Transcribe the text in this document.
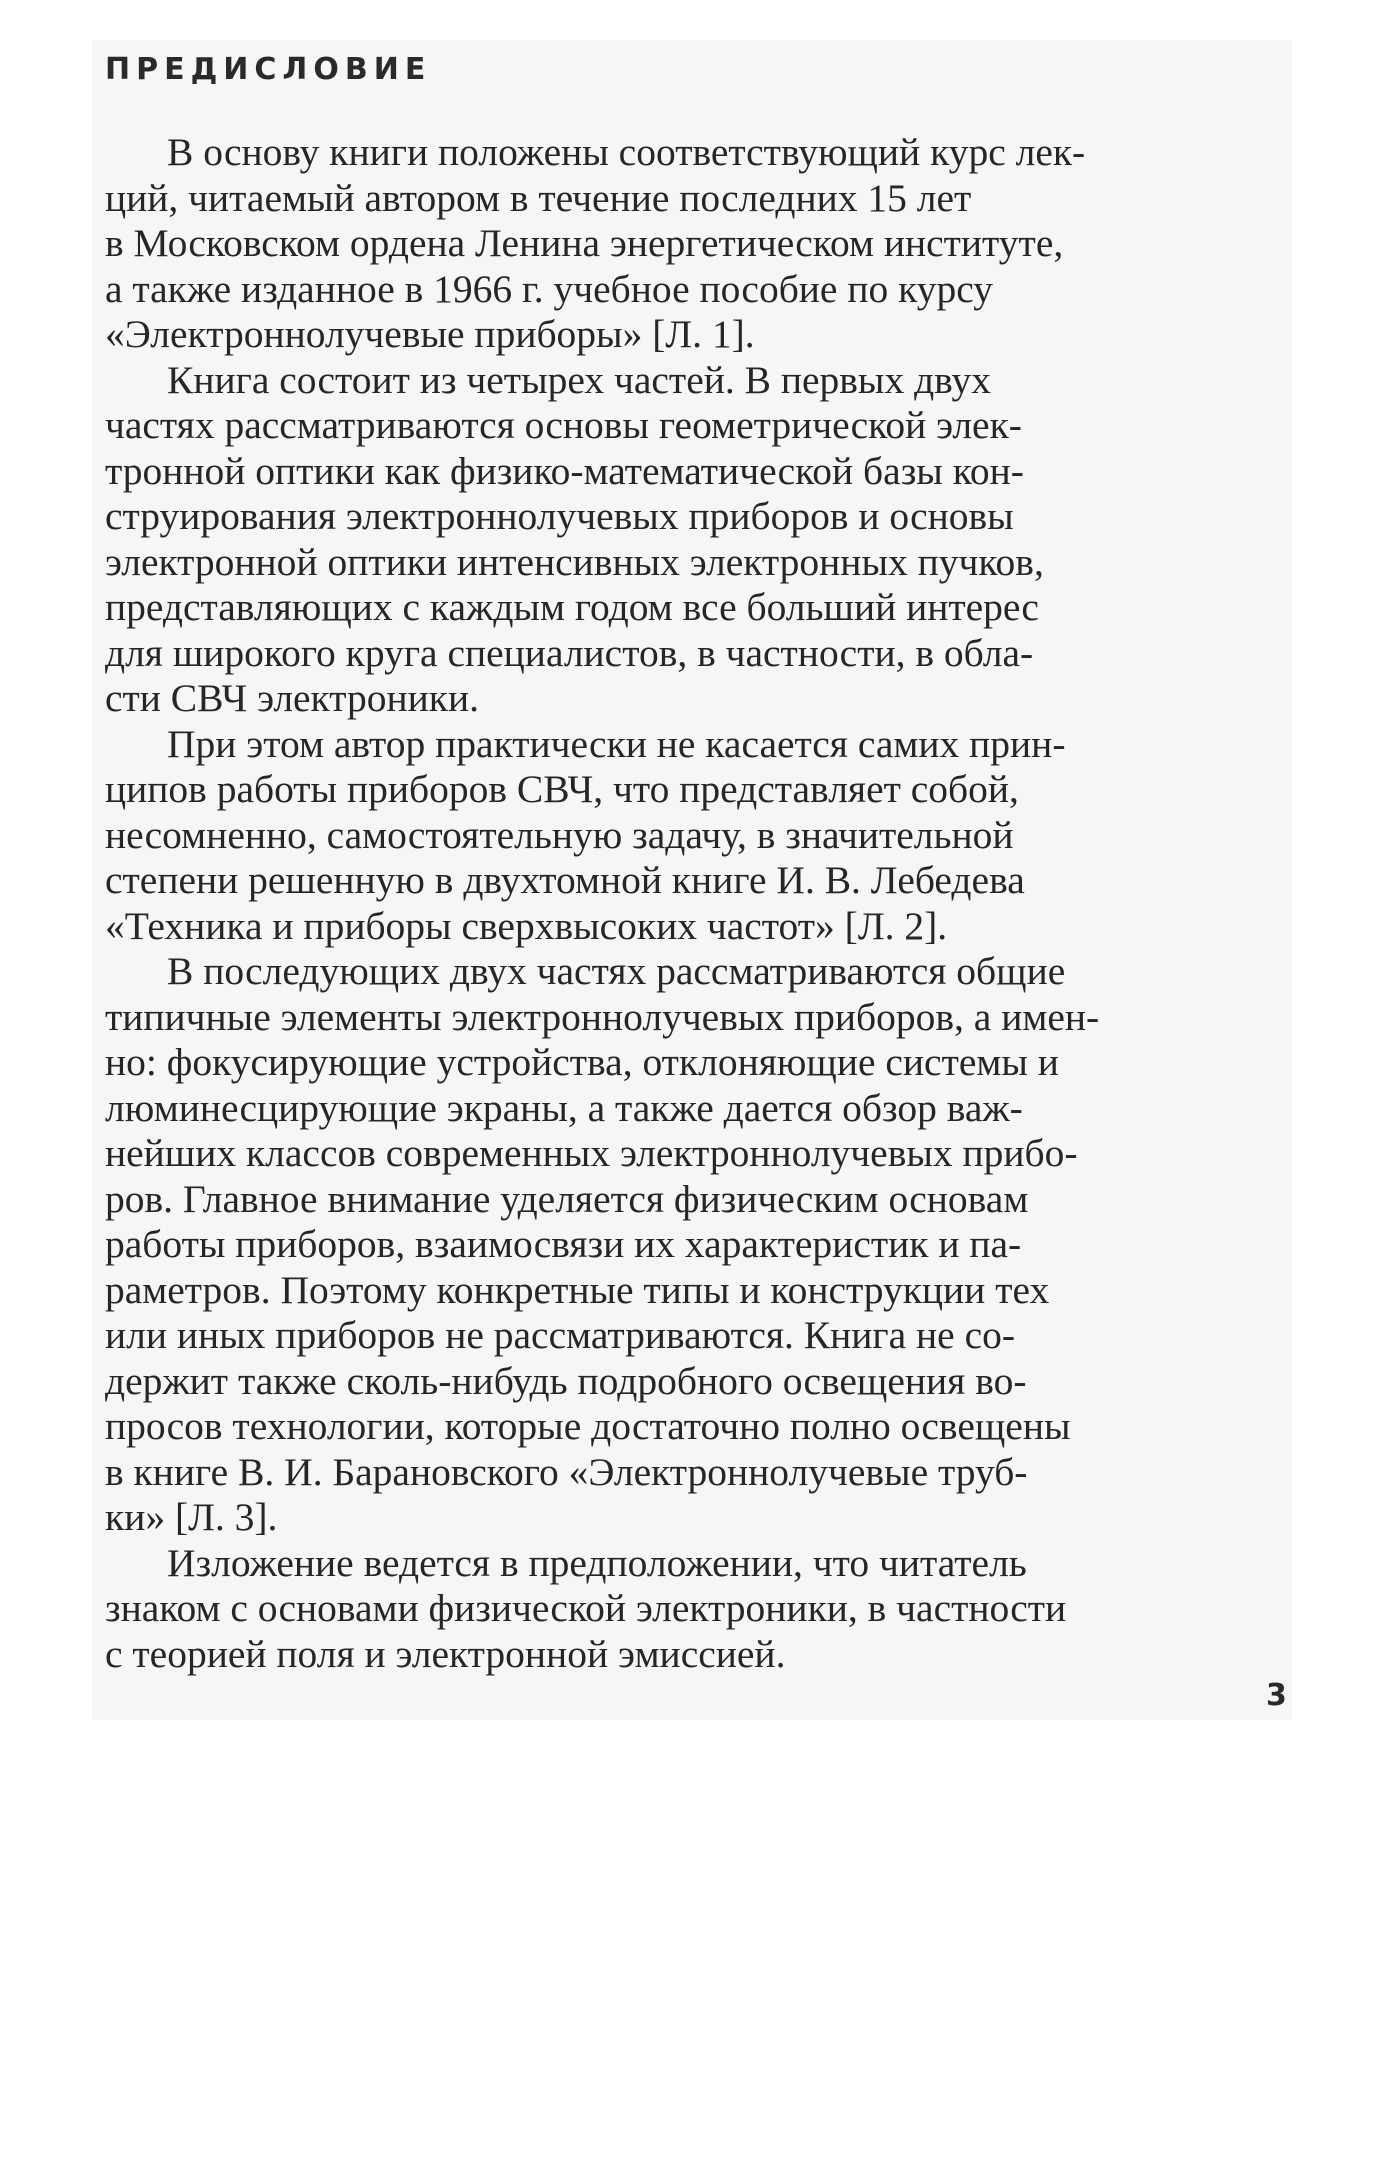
ПРЕДИСЛОВИЕ
В основу книги положены соответствующий курс лек-
ций, читаемый автором в течение последних 15 лет
в Московском ордена Ленина энергетическом институте,
а также изданное в 1966 г. учебное пособие по курсу
«Электроннолучевые приборы» [Л. 1].
Книга состоит из четырех частей. В первых двух
частях рассматриваются основы геометрической элек-
тронной оптики как физико-математической базы кон-
струирования электроннолучевых приборов и основы
электронной оптики интенсивных электронных пучков,
представляющих с каждым годом все больший интерес
для широкого круга специалистов, в частности, в обла-
сти СВЧ электроники.
При этом автор практически не касается самих прин-
ципов работы приборов СВЧ, что представляет собой,
несомненно, самостоятельную задачу, в значительной
степени решенную в двухтомной книге И. В. Лебедева
«Техника и приборы сверхвысоких частот» [Л. 2].
В последующих двух частях рассматриваются общие
типичные элементы электроннолучевых приборов, а имен-
но: фокусирующие устройства, отклоняющие системы и
люминесцирующие экраны, а также дается обзор важ-
нейших классов современных электроннолучевых прибо-
ров. Главное внимание уделяется физическим основам
работы приборов, взаимосвязи их характеристик и па-
раметров. Поэтому конкретные типы и конструкции тех
или иных приборов не рассматриваются. Книга не со-
держит также сколь-нибудь подробного освещения во-
просов технологии, которые достаточно полно освещены
в книге В. И. Барановского «Электроннолучевые труб-
ки» [Л. 3].
Изложение ведется в предположении, что читатель
знаком с основами физической электроники, в частности
с теорией поля и электронной эмиссией.
3
